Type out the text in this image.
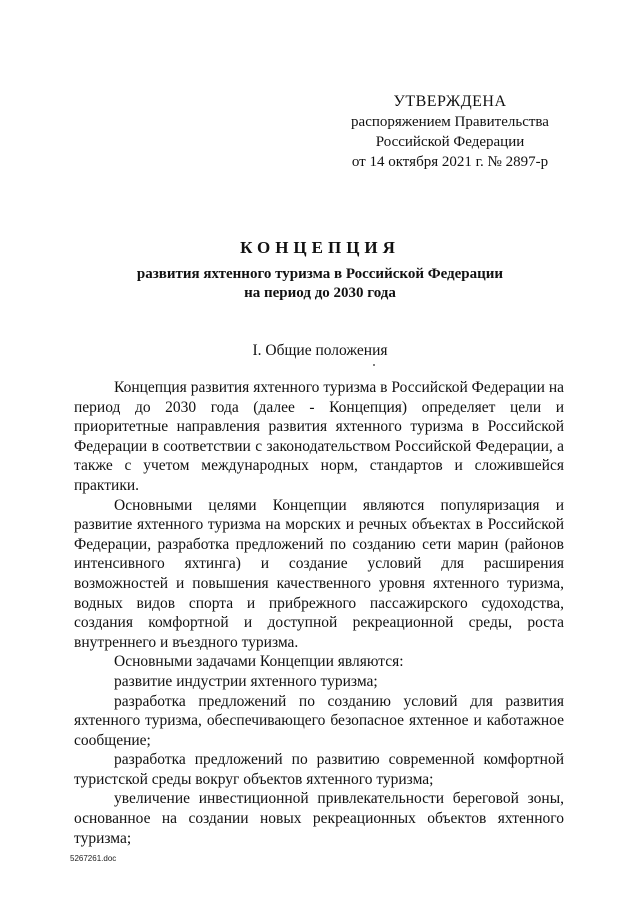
УТВЕРЖДЕНА
распоряжением Правительства
Российской Федерации
от 14 октября 2021 г. № 2897-р
КОНЦЕПЦИЯ
развития яхтенного туризма в Российской Федерации
на период до 2030 года
I. Общие положения

Концепция развития яхтенного туризма в Российской Федерации на период до 2030 года (далее - Концепция) определяет цели и приоритетные направления развития яхтенного туризма в Российской Федерации в соответствии с законодательством Российской Федерации, а также с учетом международных норм, стандартов и сложившейся практики.

Основными целями Концепции являются популяризация и развитие яхтенного туризма на морских и речных объектах в Российской Федерации, разработка предложений по созданию сети марин (районов интенсивного яхтинга) и создание условий для расширения возможностей и повышения качественного уровня яхтенного туризма, водных видов спорта и прибрежного пассажирского судоходства, создания комфортной и доступной рекреационной среды, роста внутреннего и въездного туризма.

Основными задачами Концепции являются:

развитие индустрии яхтенного туризма;

разработка предложений по созданию условий для развития яхтенного туризма, обеспечивающего безопасное яхтенное и каботажное сообщение;

разработка предложений по развитию современной комфортной туристской среды вокруг объектов яхтенного туризма;

увеличение инвестиционной привлекательности береговой зоны, основанное на создании новых рекреационных объектов яхтенного туризма;

5267261.doc
